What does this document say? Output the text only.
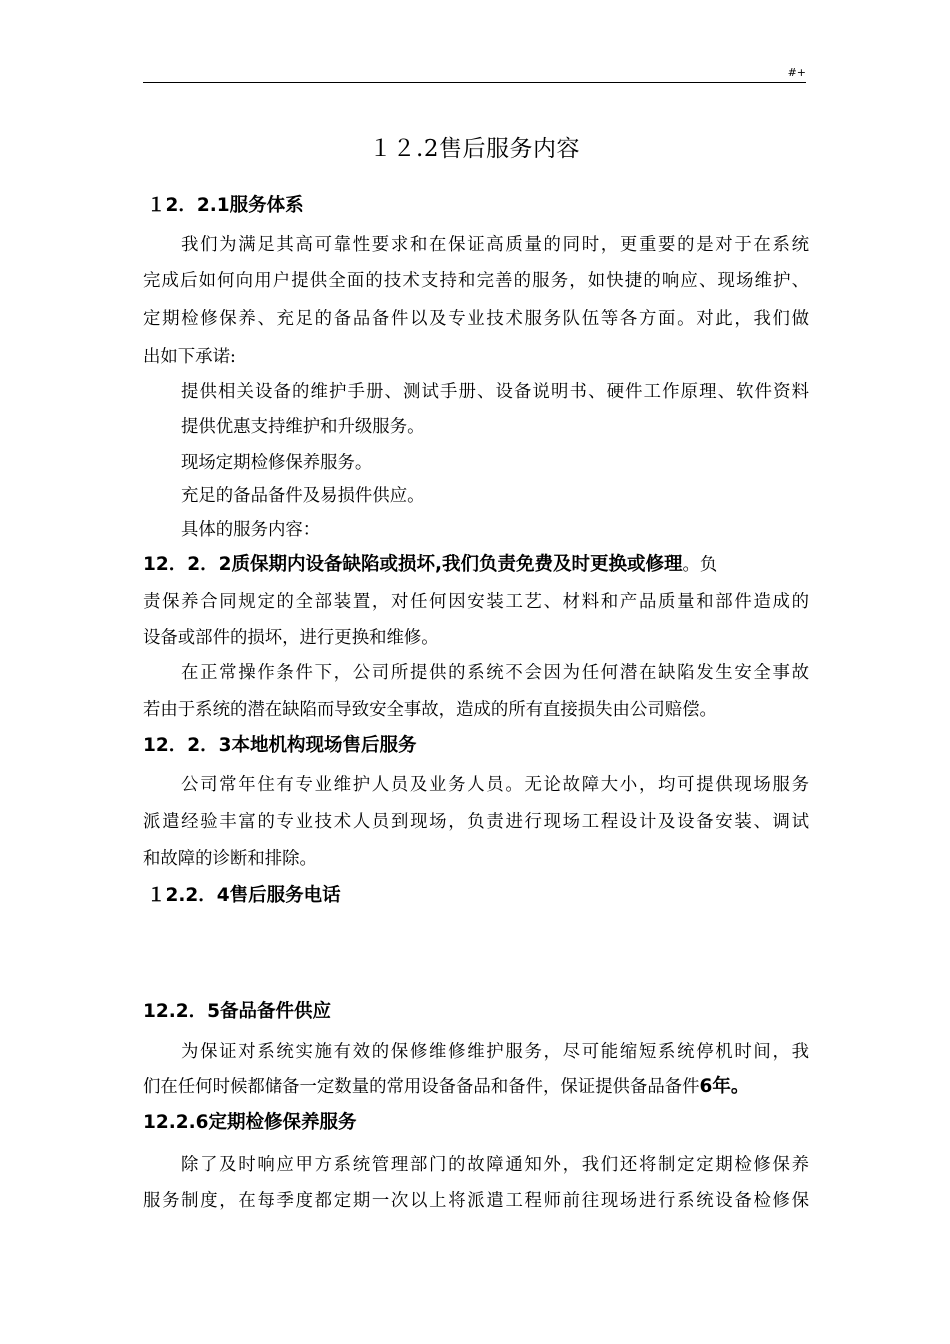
#+
１２.2售后服务内容
１2．2.1服务体系
我们为满足其高可靠性要求和在保证高质量的同时，更重要的是对于在系统
完成后如何向用户提供全面的技术支持和完善的服务，如快捷的响应、现场维护、
定期检修保养、充足的备品备件以及专业技术服务队伍等各方面。对此，我们做
出如下承诺:
提供相关设备的维护手册、测试手册、设备说明书、硬件工作原理、软件资料
提供优惠支持维护和升级服务。
现场定期检修保养服务。
充足的备品备件及易损件供应。
具体的服务内容：
12．2．2质保期内设备缺陷或损坏,我们负责免费及时更换或修理。负
责保养合同规定的全部装置，对任何因安装工艺、材料和产品质量和部件造成的
设备或部件的损坏，进行更换和维修。
在正常操作条件下，公司所提供的系统不会因为任何潜在缺陷发生安全事故
若由于系统的潜在缺陷而导致安全事故，造成的所有直接损失由公司赔偿。
12．2．3本地机构现场售后服务
公司常年住有专业维护人员及业务人员。无论故障大小，均可提供现场服务
派遣经验丰富的专业技术人员到现场，负责进行现场工程设计及设备安装、调试
和故障的诊断和排除。
１2.2．4售后服务电话
12.2．5备品备件供应
为保证对系统实施有效的保修维修维护服务，尽可能缩短系统停机时间，我
们在任何时候都储备一定数量的常用设备备品和备件，保证提供备品备件6年。
12.2.6定期检修保养服务
除了及时响应甲方系统管理部门的故障通知外，我们还将制定定期检修保养
服务制度，在每季度都定期一次以上将派遣工程师前往现场进行系统设备检修保
